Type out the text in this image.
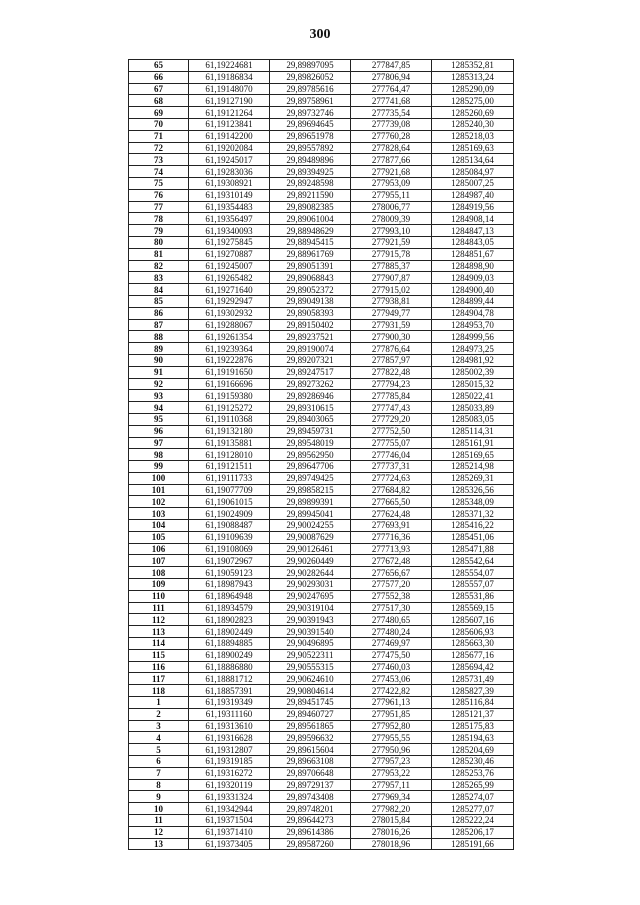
300
65	61,19224681	29,89897095	277847,85	1285352,81
66	61,19186834	29,89826052	277806,94	1285313,24
67	61,19148070	29,89785616	277764,47	1285290,09
68	61,19127190	29,89758961	277741,68	1285275,00
69	61,19121264	29,89732746	277735,54	1285260,69
70	61,19123841	29,89694645	277739,08	1285240,30
71	61,19142200	29,89651978	277760,28	1285218,03
72	61,19202084	29,89557892	277828,64	1285169,63
73	61,19245017	29,89489896	277877,66	1285134,64
74	61,19283036	29,89394925	277921,68	1285084,97
75	61,19308921	29,89248598	277953,09	1285007,25
76	61,19310149	29,89211590	277955,11	1284987,40
77	61,19354483	29,89082385	278006,77	1284919,56
78	61,19356497	29,89061004	278009,39	1284908,14
79	61,19340093	29,88948629	277993,10	1284847,13
80	61,19275845	29,88945415	277921,59	1284843,05
81	61,19270887	29,88961769	277915,78	1284851,67
82	61,19245007	29,89051391	277885,37	1284898,90
83	61,19265482	29,89068843	277907,87	1284909,03
84	61,19271640	29,89052372	277915,02	1284900,40
85	61,19292947	29,89049138	277938,81	1284899,44
86	61,19302932	29,89058393	277949,77	1284904,78
87	61,19288067	29,89150402	277931,59	1284953,70
88	61,19261354	29,89237521	277900,30	1284999,56
89	61,19239364	29,89190074	277876,64	1284973,25
90	61,19222876	29,89207321	277857,97	1284981,92
91	61,19191650	29,89247517	277822,48	1285002,39
92	61,19166696	29,89273262	277794,23	1285015,32
93	61,19159380	29,89286946	277785,84	1285022,41
94	61,19125272	29,89310615	277747,43	1285033,89
95	61,19110368	29,89403065	277729,20	1285083,05
96	61,19132180	29,89459731	277752,50	1285114,31
97	61,19135881	29,89548019	277755,07	1285161,91
98	61,19128010	29,89562950	277746,04	1285169,65
99	61,19121511	29,89647706	277737,31	1285214,98
100	61,19111733	29,89749425	277724,63	1285269,31
101	61,19077709	29,89858215	277684,82	1285326,56
102	61,19061015	29,89899391	277665,50	1285348,09
103	61,19024909	29,89945041	277624,48	1285371,32
104	61,19088487	29,90024255	277693,91	1285416,22
105	61,19109639	29,90087629	277716,36	1285451,06
106	61,19108069	29,90126461	277713,93	1285471,88
107	61,19072967	29,90260449	277672,48	1285542,64
108	61,19059123	29,90282644	277656,67	1285554,07
109	61,18987943	29,90293031	277577,20	1285557,07
110	61,18964948	29,90247695	277552,38	1285531,86
111	61,18934579	29,90319104	277517,30	1285569,15
112	61,18902823	29,90391943	277480,65	1285607,16
113	61,18902449	29,90391540	277480,24	1285606,93
114	61,18894885	29,90496895	277469,97	1285663,30
115	61,18900249	29,90522311	277475,50	1285677,16
116	61,18886880	29,90555315	277460,03	1285694,42
117	61,18881712	29,90624610	277453,06	1285731,49
118	61,18857391	29,90804614	277422,82	1285827,39
1	61,19319349	29,89451745	277961,13	1285116,84
2	61,19311160	29,89460727	277951,85	1285121,37
3	61,19313610	29,89561865	277952,80	1285175,83
4	61,19316628	29,89596632	277955,55	1285194,63
5	61,19312807	29,89615604	277950,96	1285204,69
6	61,19319185	29,89663108	277957,23	1285230,46
7	61,19316272	29,89706648	277953,22	1285253,76
8	61,19320119	29,89729137	277957,11	1285265,99
9	61,19331324	29,89743408	277969,34	1285274,07
10	61,19342944	29,89748201	277982,20	1285277,07
11	61,19371504	29,89644273	278015,84	1285222,24
12	61,19371410	29,89614386	278016,26	1285206,17
13	61,19373405	29,89587260	278018,96	1285191,66
